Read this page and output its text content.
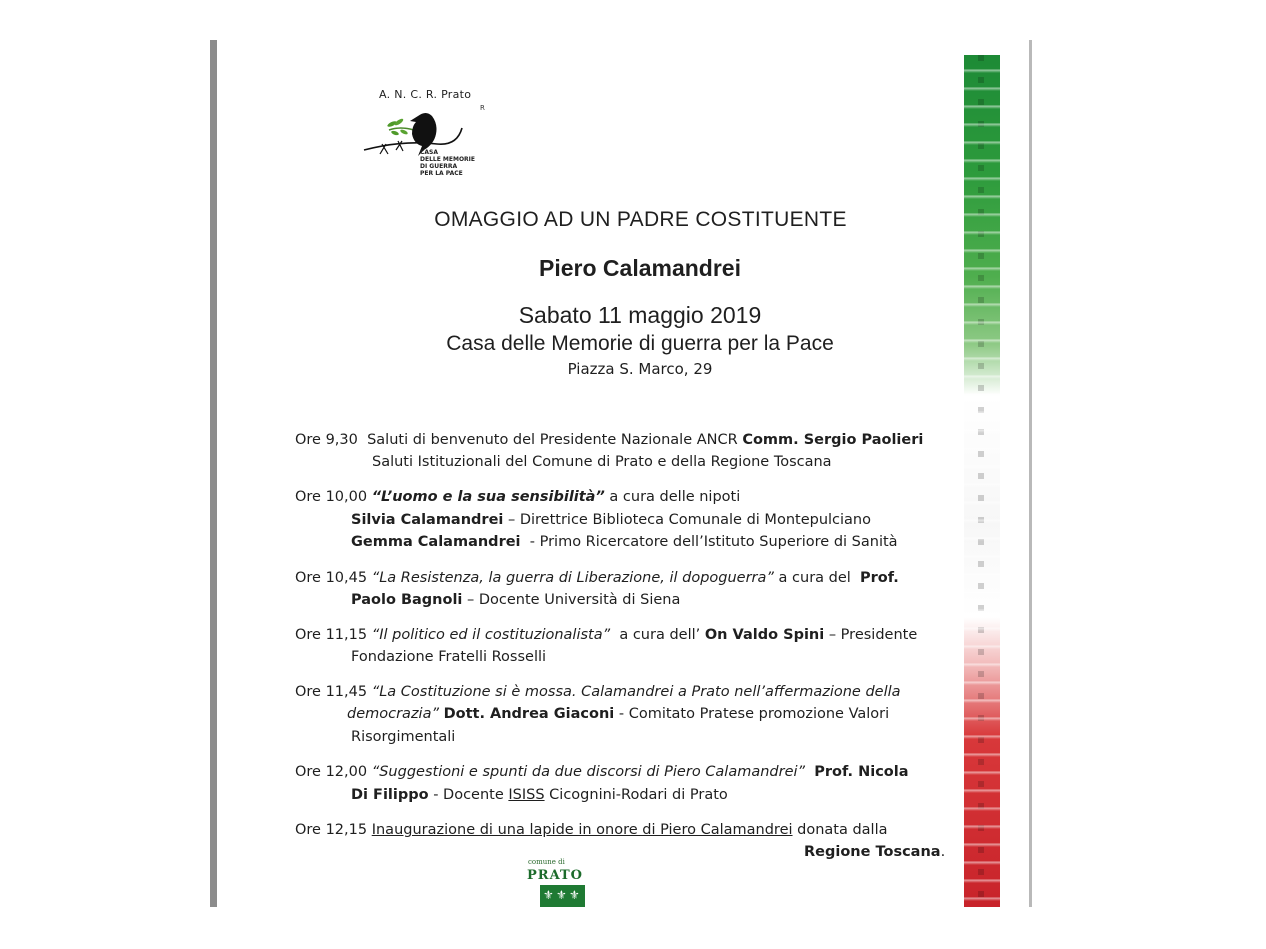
A. N. C. R. Prato
R
CASA
DELLE MEMORIE
DI GUERRA
PER LA PACE
OMAGGIO AD UN PADRE COSTITUENTE
Piero Calamandrei
Sabato 11 maggio 2019
Casa delle Memorie di guerra per la Pace
Piazza S. Marco, 29
Ore 9,30 Saluti di benvenuto del Presidente Nazionale ANCR Comm. Sergio Paolieri
Saluti Istituzionali del Comune di Prato e della Regione Toscana
Ore 10,00 “L’uomo e la sua sensibilità” a cura delle nipoti
Silvia Calamandrei – Direttrice Biblioteca Comunale di Montepulciano
Gemma Calamandrei - Primo Ricercatore dell’Istituto Superiore di Sanità
Ore 10,45 “La Resistenza, la guerra di Liberazione, il dopoguerra” a cura del Prof.
Paolo Bagnoli – Docente Università di Siena
Ore 11,15 “Il politico ed il costituzionalista” a cura dell’ On Valdo Spini – Presidente
Fondazione Fratelli Rosselli
Ore 11,45 “La Costituzione si è mossa. Calamandrei a Prato nell’affermazione della
democrazia” Dott. Andrea Giaconi - Comitato Pratese promozione Valori
Risorgimentali
Ore 12,00 “Suggestioni e spunti da due discorsi di Piero Calamandrei” Prof. Nicola
Di Filippo - Docente ISISS Cicognini-Rodari di Prato
Ore 12,15 Inaugurazione di una lapide in onore di Piero Calamandrei donata dalla
Regione Toscana.
comune di
PRATO
⚜ ⚜ ⚜
